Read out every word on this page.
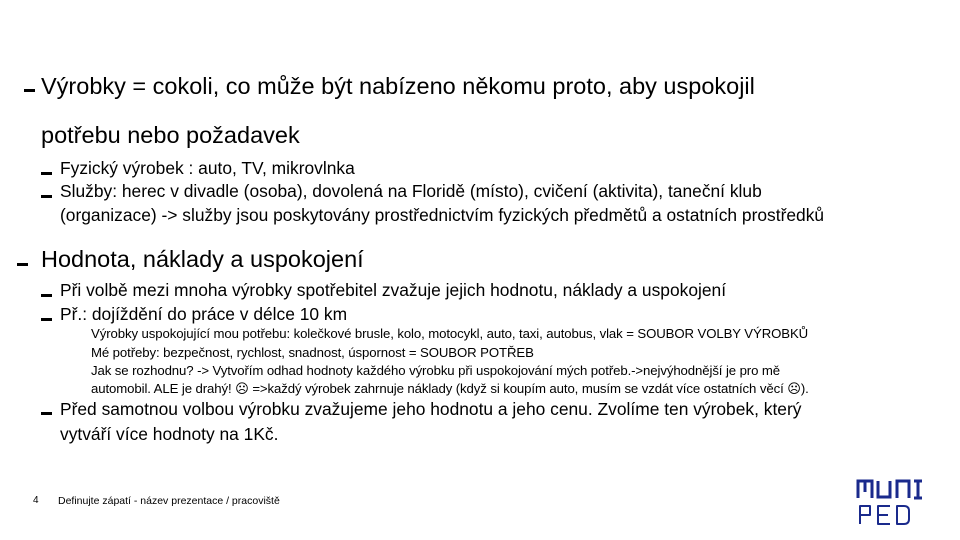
Výrobky = cokoli, co může být nabízeno někomu proto, aby uspokojil
potřebu nebo požadavek
Fyzický výrobek : auto, TV, mikrovlnka
Služby: herec v divadle (osoba), dovolená na Floridě (místo), cvičení (aktivita), taneční klub
(organizace) -> služby jsou poskytovány prostřednictvím fyzických předmětů a ostatních prostředků
Hodnota, náklady a uspokojení
Při volbě mezi mnoha výrobky spotřebitel zvažuje jejich hodnotu, náklady a uspokojení
Př.: dojíždění do práce v délce 10 km
Výrobky uspokojující mou potřebu: kolečkové brusle, kolo, motocykl, auto, taxi, autobus, vlak = SOUBOR VOLBY VÝROBKŮ
Mé potřeby: bezpečnost, rychlost, snadnost, úspornost = SOUBOR POTŘEB
Jak se rozhodnu? -> Vytvořím odhad hodnoty každého výrobku při uspokojování mých potřeb.->nejvýhodnější je pro mě
automobil. ALE je drahý! ☹ =>každý výrobek zahrnuje náklady (když si koupím auto, musím se vzdát více ostatních věcí ☹).
Před samotnou volbou výrobku zvažujeme jeho hodnotu a jeho cenu. Zvolíme ten výrobek, který
vytváří více hodnoty na 1Kč.
4 Definujte zápatí - název prezentace / pracoviště
